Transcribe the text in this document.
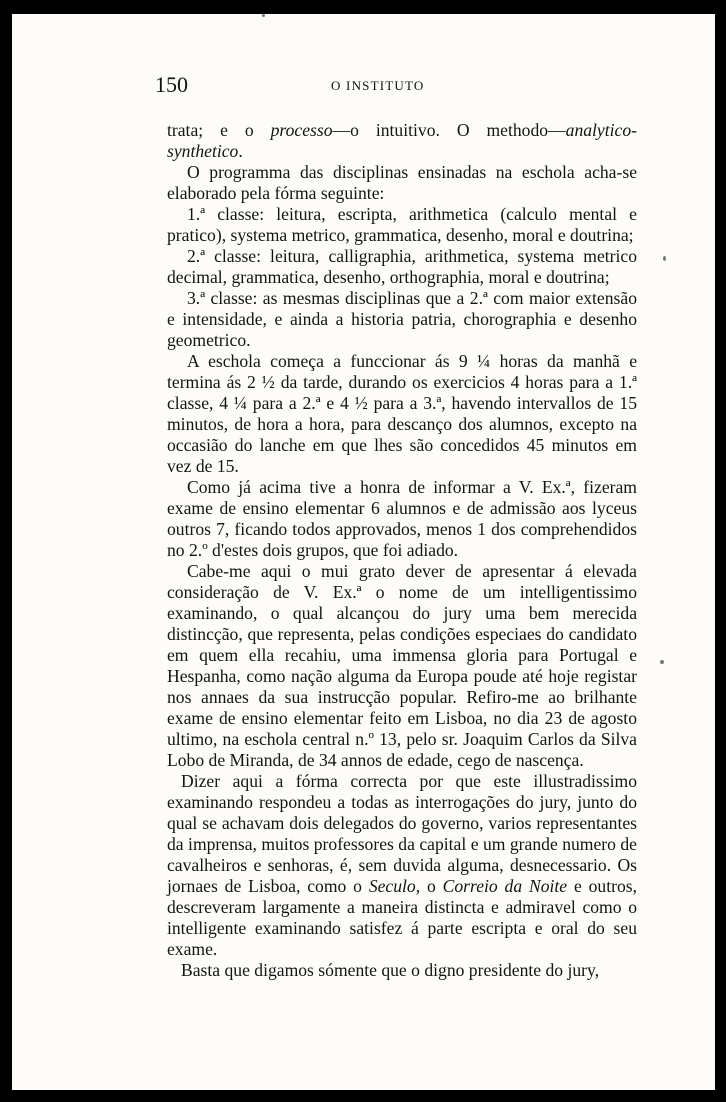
150	O INSTITUTO

trata; e o processo—o intuitivo. O methodo—analytico-synthetico.

O programma das disciplinas ensinadas na eschola acha-se elaborado pela fórma seguinte:

1.ª classe: leitura, escripta, arithmetica (calculo mental e pratico), systema metrico, grammatica, desenho, moral e doutrina;

2.ª classe: leitura, calligraphia, arithmetica, systema metrico decimal, grammatica, desenho, orthographia, moral e doutrina;

3.ª classe: as mesmas disciplinas que a 2.ª com maior extensão e intensidade, e ainda a historia patria, chorographia e desenho geometrico.

A eschola começa a funccionar ás 9 ¼ horas da manhã e termina ás 2 ½ da tarde, durando os exercicios 4 horas para a 1.ª classe, 4 ¼ para a 2.ª e 4 ½ para a 3.ª, havendo intervallos de 15 minutos, de hora a hora, para descanço dos alumnos, excepto na occasião do lanche em que lhes são concedidos 45 minutos em vez de 15.

Como já acima tive a honra de informar a V. Ex.ª, fizeram exame de ensino elementar 6 alumnos e de admissão aos lyceus outros 7, ficando todos approvados, menos 1 dos comprehendidos no 2.º d'estes dois grupos, que foi adiado.

Cabe-me aqui o mui grato dever de apresentar á elevada consideração de V. Ex.ª o nome de um intelligentissimo examinando, o qual alcançou do jury uma bem merecida distincção, que representa, pelas condições especiaes do candidato em quem ella recahiu, uma immensa gloria para Portugal e Hespanha, como nação alguma da Europa poude até hoje registar nos annaes da sua instrucção popular. Refiro-me ao brilhante exame de ensino elementar feito em Lisboa, no dia 23 de agosto ultimo, na eschola central n.º 13, pelo sr. Joaquim Carlos da Silva Lobo de Miranda, de 34 annos de edade, cego de nascença.

Dizer aqui a fórma correcta por que este illustradissimo examinando respondeu a todas as interrogações do jury, junto do qual se achavam dois delegados do governo, varios representantes da imprensa, muitos professores da capital e um grande numero de cavalheiros e senhoras, é, sem duvida alguma, desnecessario. Os jornaes de Lisboa, como o Seculo, o Correio da Noite e outros, descreveram largamente a maneira distincta e admiravel como o intelligente examinando satisfez á parte escripta e oral do seu exame.

Basta que digamos sómente que o digno presidente do jury,
